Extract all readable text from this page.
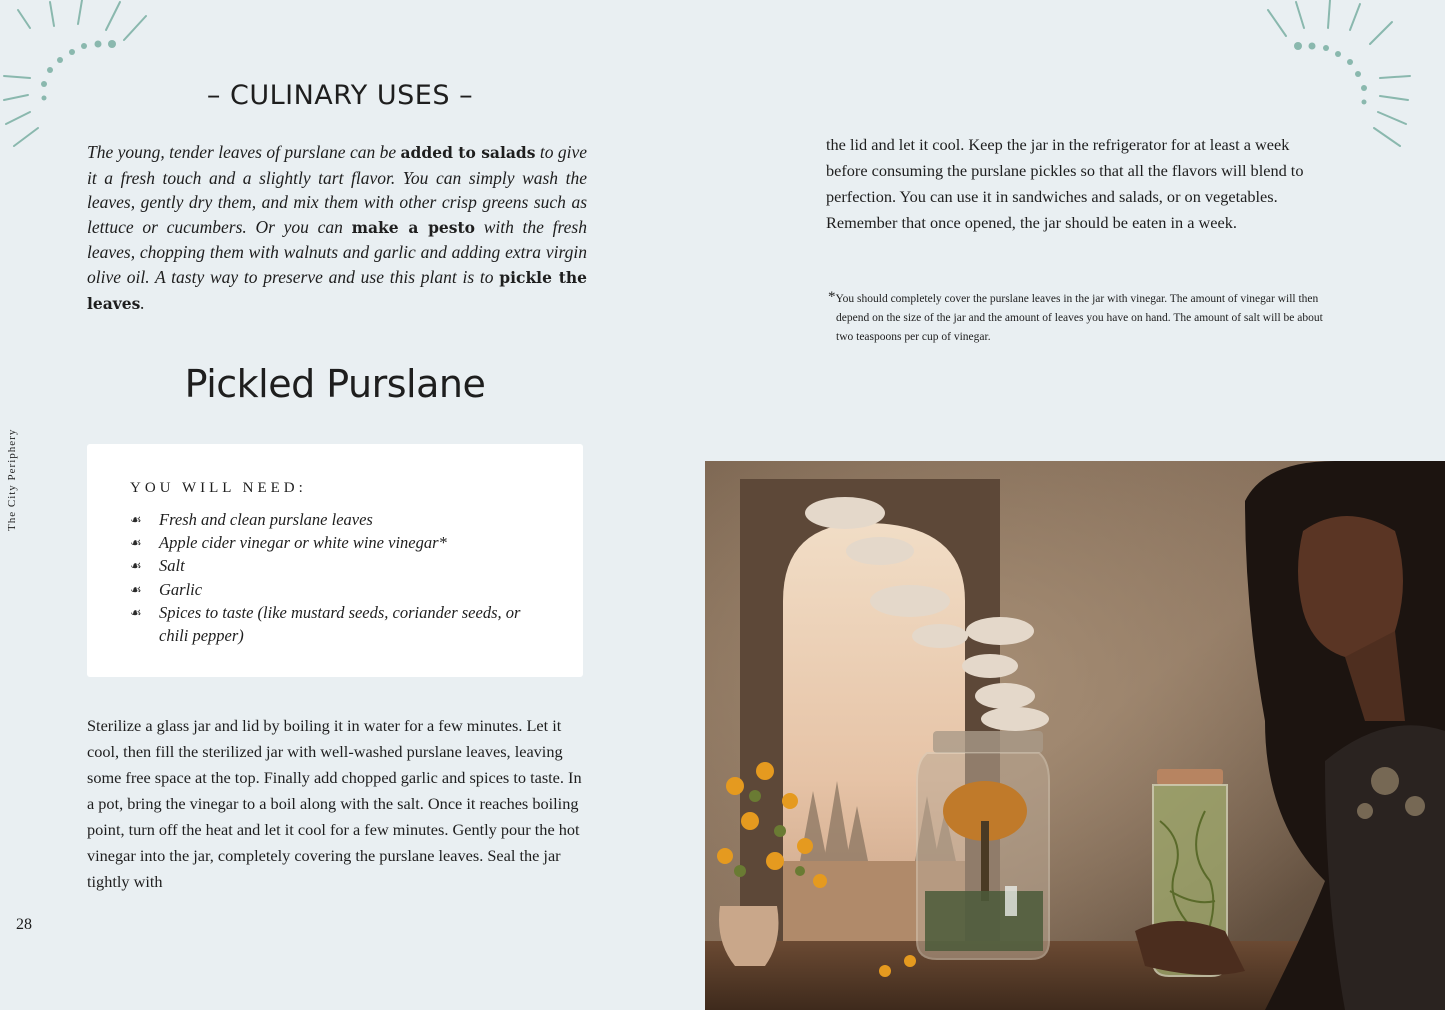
The City Periphery
28
– CULINARY USES –

The young, tender leaves of purslane can be added to salads to give it a fresh touch and a slightly tart flavor. You can simply wash the leaves, gently dry them, and mix them with other crisp greens such as lettuce or cucumbers. Or you can make a pesto with the fresh leaves, chopping them with walnuts and garlic and adding extra virgin olive oil. A tasty way to preserve and use this plant is to pickle the leaves.

Pickled Purslane
YOU WILL NEED:
☙ Fresh and clean purslane leaves
☙ Apple cider vinegar or white wine vinegar*
☙ Salt
☙ Garlic
☙ Spices to taste (like mustard seeds, coriander seeds, or chili pepper)

Sterilize a glass jar and lid by boiling it in water for a few minutes. Let it cool, then fill the sterilized jar with well-washed purslane leaves, leaving some free space at the top. Finally add chopped garlic and spices to taste. In a pot, bring the vinegar to a boil along with the salt. Once it reaches boiling point, turn off the heat and let it cool for a few minutes. Gently pour the hot vinegar into the jar, completely covering the purslane leaves. Seal the jar tightly with

the lid and let it cool. Keep the jar in the refrigerator for at least a week before consuming the purslane pickles so that all the flavors will blend to perfection. You can use it in sandwiches and salads, or on vegetables. Remember that once opened, the jar should be eaten in a week.

*You should completely cover the purslane leaves in the jar with vinegar. The amount of vinegar will then depend on the size of the jar and the amount of leaves you have on hand. The amount of salt will be about two teaspoons per cup of vinegar.
